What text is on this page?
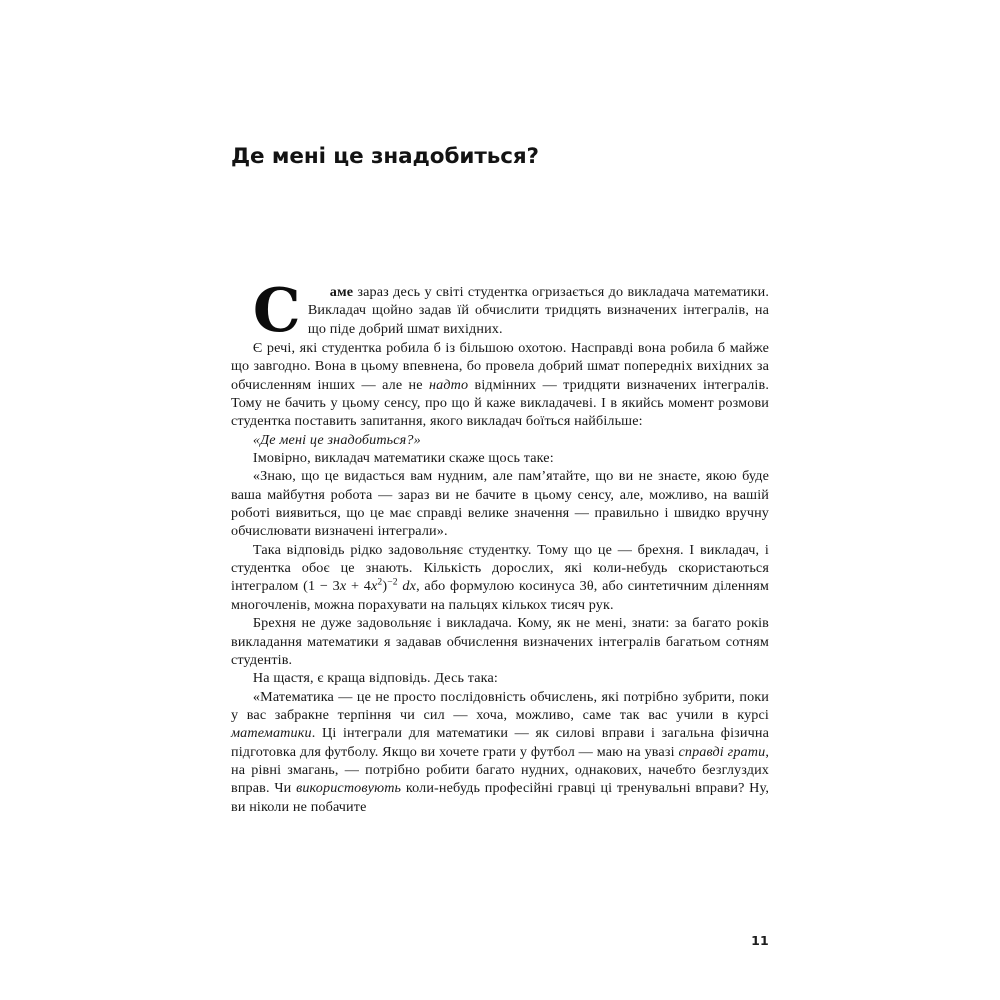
Де мені це знадобиться?

С	аме зараз десь у світі студентка огризається до викладача математики. Викладач щойно задав їй обчислити тридцять визначених інтегралів, на що піде добрий шмат вихідних.

Є речі, які студентка робила б із більшою охотою. Насправді вона робила б майже що завгодно. Вона в цьому впевнена, бо провела добрий шмат попередніх вихідних за обчисленням інших — але не надто відмінних — тридцяти визначених інтегралів. Тому не бачить у цьому сенсу, про що й каже викладачеві. І в якийсь момент розмови студентка поставить запитання, якого викладач боїться найбільше:

«Де мені це знадобиться?»

Імовірно, викладач математики скаже щось таке:

«Знаю, що це видасться вам нудним, але пам’ятайте, що ви не знаєте, якою буде ваша майбутня робота — зараз ви не бачите в цьому сенсу, але, можливо, на вашій роботі виявиться, що це має справді велике значення — правильно і швидко вручну обчислювати визначені інтеграли».

Така відповідь рідко задовольняє студентку. Тому що це — брехня. І викладач, і студентка обоє це знають. Кількість дорослих, які коли-небудь скористаються інтегралом $(1 - 3x + 4x^2)^{-2}$ dx, або формулою косинуса 3θ, або синтетичним діленням многочленів, можна порахувати на пальцях кількох тисяч рук.

Брехня не дуже задовольняє і викладача. Кому, як не мені, знати: за багато років викладання математики я задавав обчислення визначених інтегралів багатьом сотням студентів.

На щастя, є краща відповідь. Десь така:

«Математика — це не просто послідовність обчислень, які потрібно зубрити, поки у вас забракне терпіння чи сил — хоча, можливо, саме так вас учили в курсі математики. Ці інтеграли для математики — як силові вправи і загальна фізична підготовка для футболу. Якщо ви хочете грати у футбол — маю на увазі справді грати, на рівні змагань, — потрібно робити багато нудних, однакових, начебто безглуздих вправ. Чи використовують коли-небудь професійні гравці ці тренувальні вправи? Ну, ви ніколи не побачите

11
